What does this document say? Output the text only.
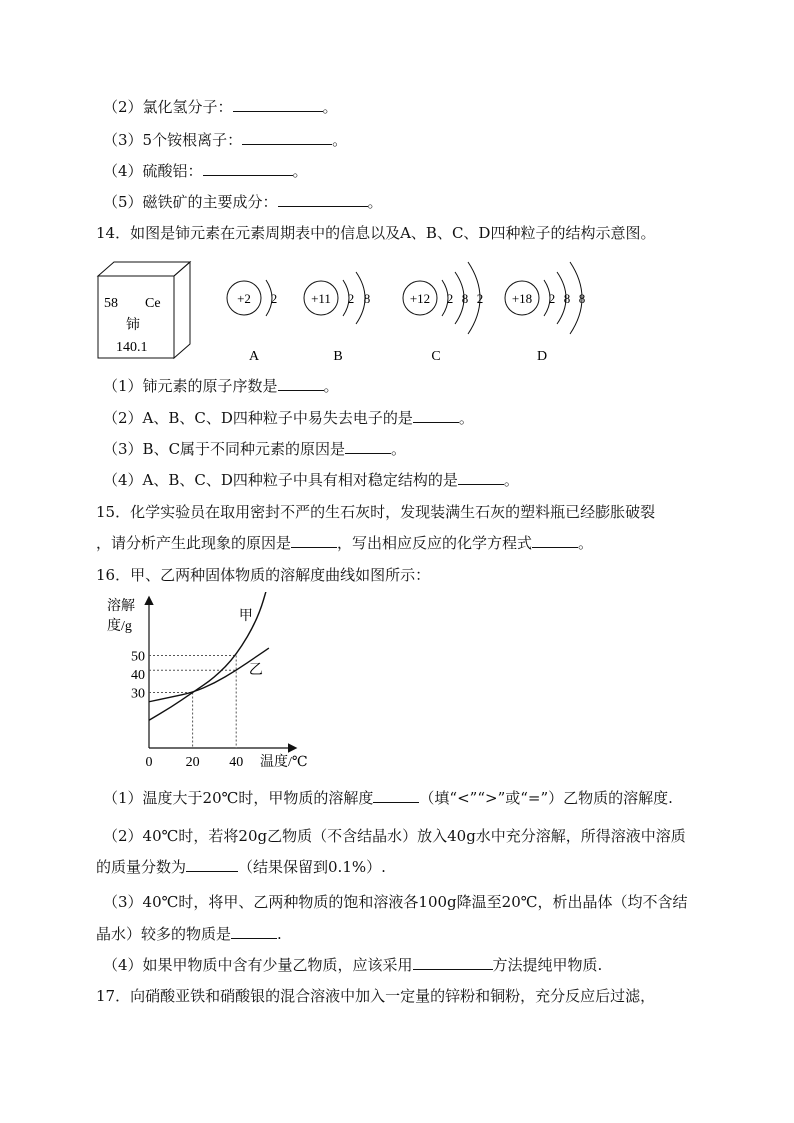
（2）氯化氢分子：	。
（3）5个铵根离子：	。
（4）硫酸铝：	。
（5）磁铁矿的主要成分：	。
14．如图是铈元素在元素周期表中的信息以及A、B、C、D四种粒子的结构示意图。
58 Ce
铈
140.1
+2 2
A
+11 2 8
B
+12 2 8 2
C
+18 2 8 8
D
（1）铈元素的原子序数是	。
（2）A、B、C、D四种粒子中易失去电子的是	。
（3）B、C属于不同种元素的原因是	。
（4）A、B、C、D四种粒子中具有相对稳定结构的是	。
15．化学实验员在取用密封不严的生石灰时，发现装满生石灰的塑料瓶已经膨胀破裂
，请分析产生此现象的原因是	，写出相应反应的化学方程式	。
16．甲、乙两种固体物质的溶解度曲线如图所示：
溶解
度/g
温度/℃
0 20 40
30
40
50
甲
乙
（1）温度大于20℃时，甲物质的溶解度	（填“<”“>”或“=”）乙物质的溶解度.
（2）40℃时，若将20g乙物质（不含结晶水）放入40g水中充分溶解，所得溶液中溶质
的质量分数为	（结果保留到0.1%）.
（3）40℃时，将甲、乙两种物质的饱和溶液各100g降温至20℃，析出晶体（均不含结
晶水）较多的物质是	.
（4）如果甲物质中含有少量乙物质，应该采用	方法提纯甲物质.
17．向硝酸亚铁和硝酸银的混合溶液中加入一定量的锌粉和铜粉，充分反应后过滤，
